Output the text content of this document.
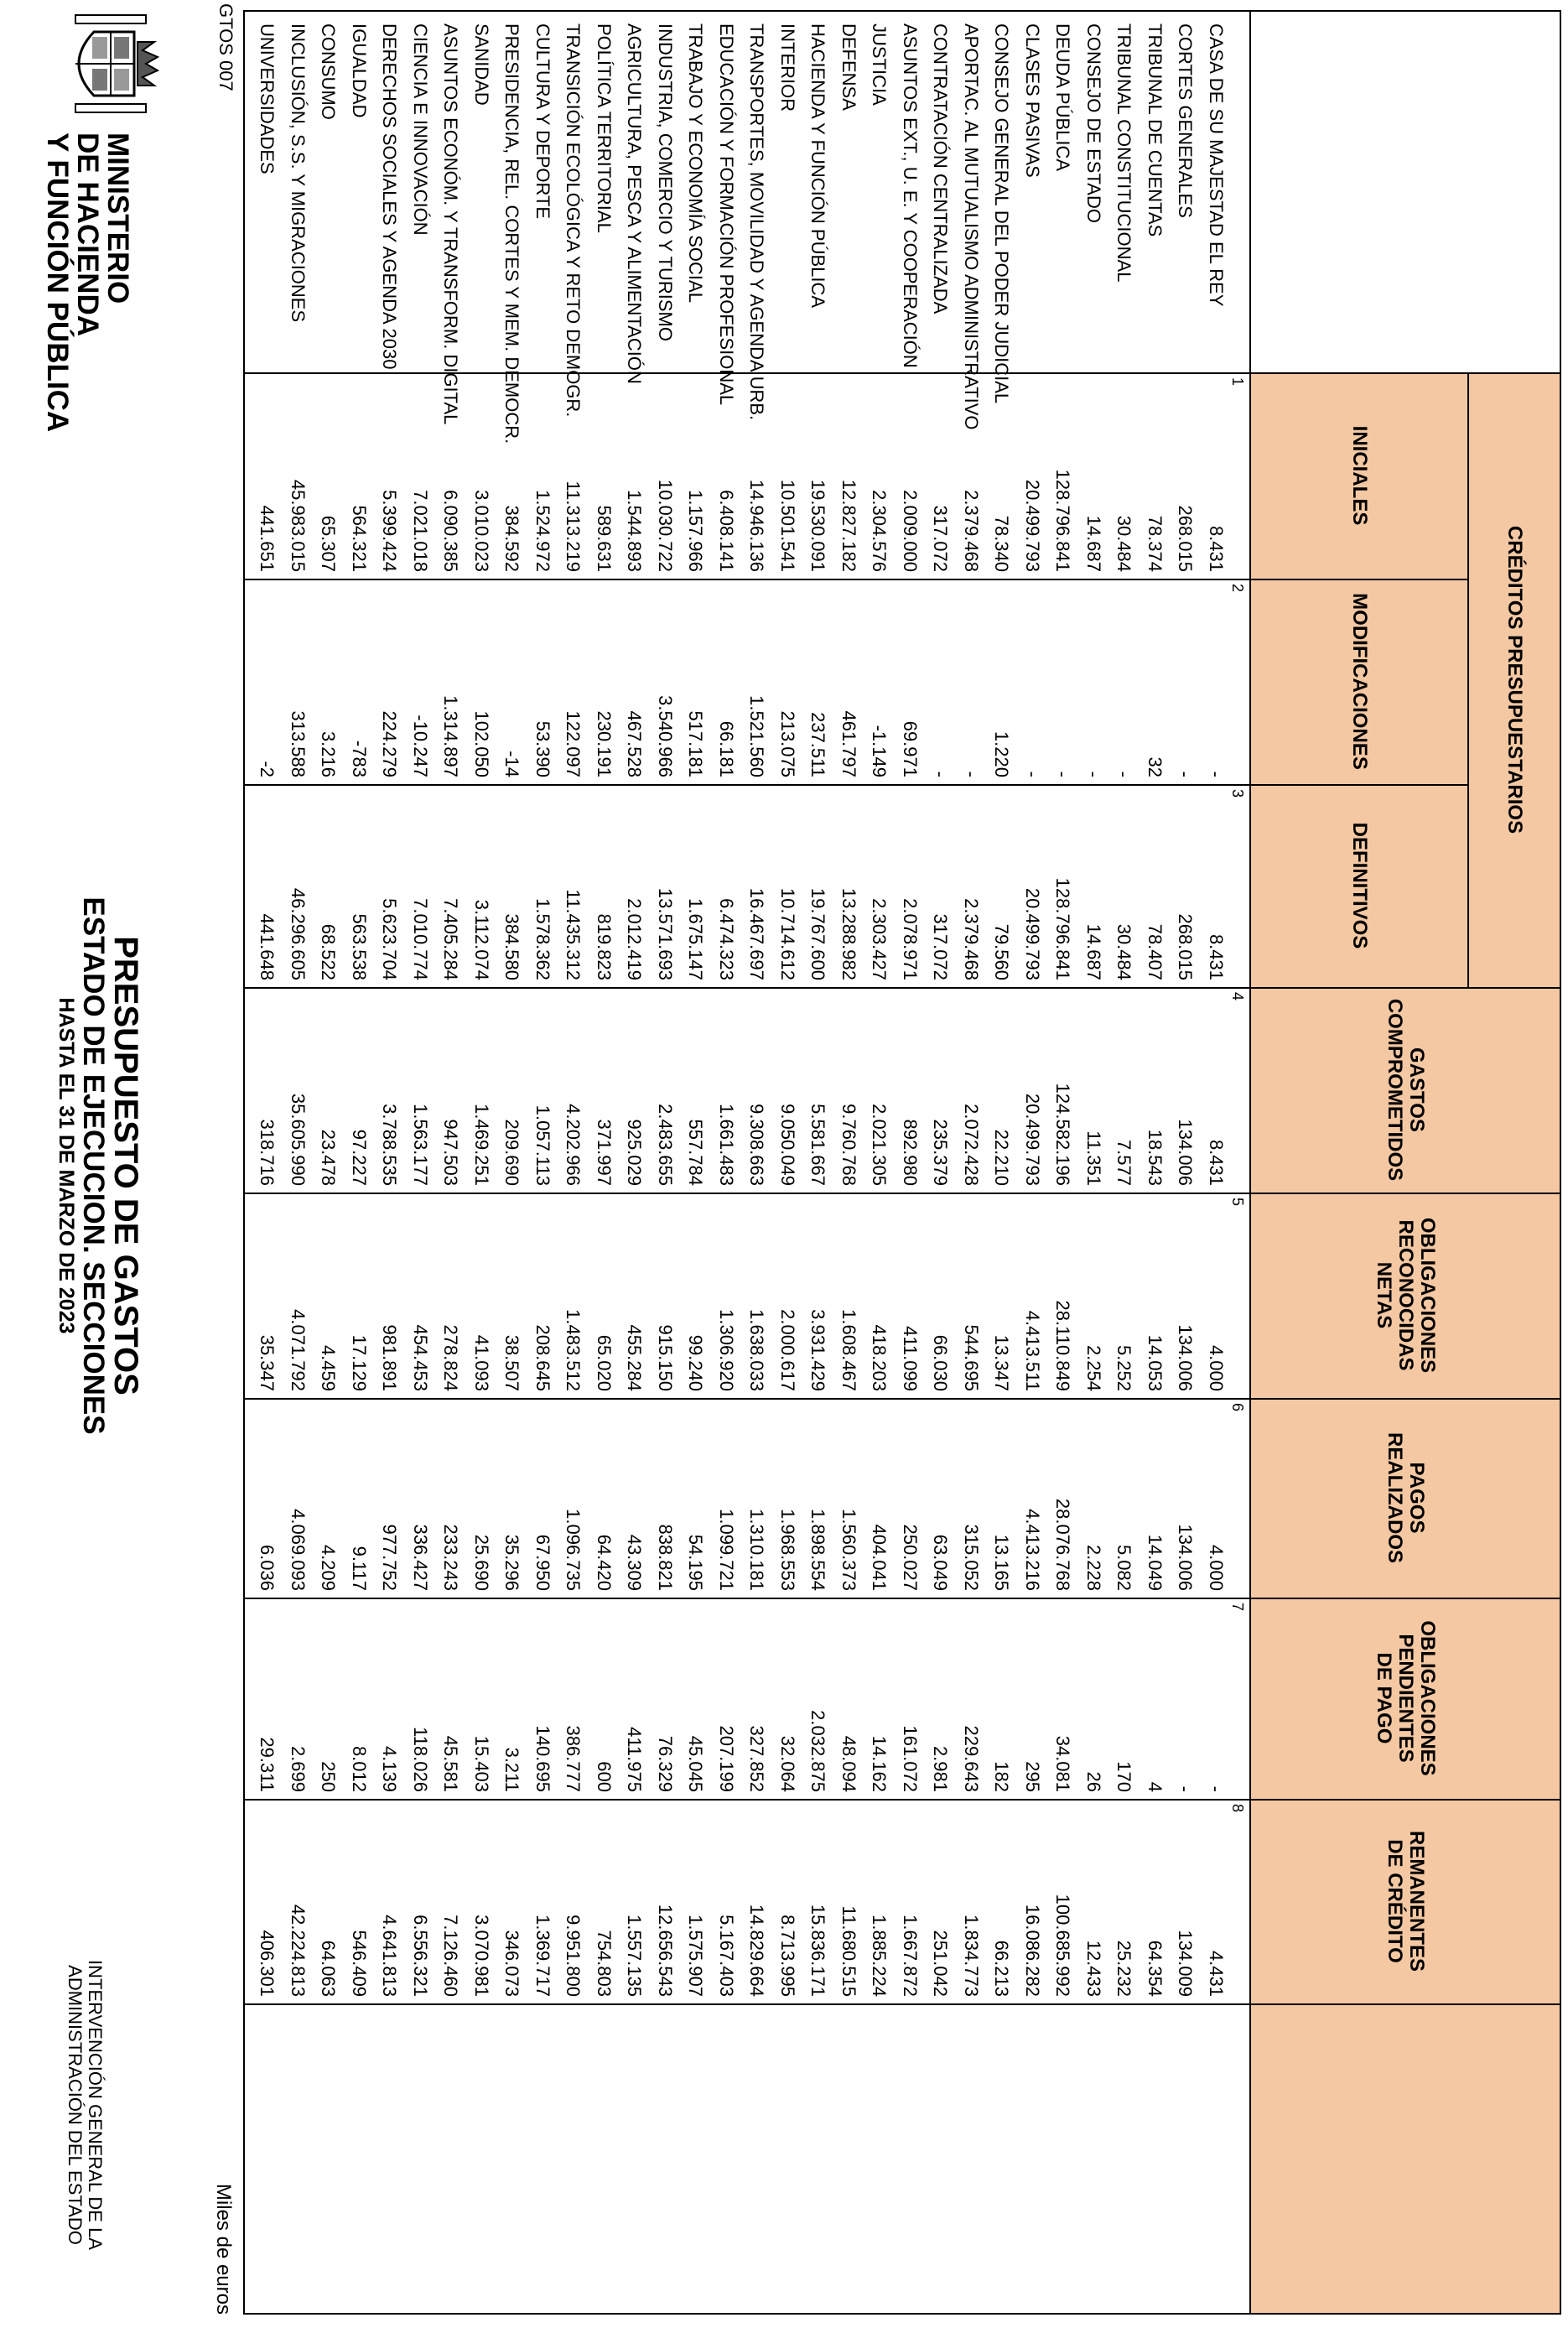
MINISTERIO
DE HACIENDA
Y FUNCIÓN PÚBLICA
PRESUPUESTO DE GASTOS
ESTADO DE EJECUCION. SECCIONES
HASTA EL 31 DE MARZO DE 2023
INTERVENCIÓN GENERAL DE LA
ADMINISTRACIÓN DEL ESTADO
Miles de euros
GTOS 007
CRÉDITOS PRESUPUESTARIOS
INICIALES
MODIFICACIONES
DEFINITIVOS
GASTOS
COMPROMETIDOS
OBLIGACIONES
RECONOCIDAS
NETAS
PAGOS
REALIZADOS
OBLIGACIONES
PENDIENTES
DE PAGO
REMANENTES
DE CRÉDITO
1
2
3
4
5
6
7
8
CASA DE SU MAJESTAD EL REY
8.431
-
8.431
8.431
4.000
4.000
-
4.431
CORTES GENERALES
268.015
-
268.015
134.006
134.006
134.006
-
134.009
TRIBUNAL DE CUENTAS
78.374
32
78.407
18.543
14.053
14.049
4
64.354
TRIBUNAL CONSTITUCIONAL
30.484
-
30.484
7.577
5.252
5.082
170
25.232
CONSEJO DE ESTADO
14.687
-
14.687
11.351
2.254
2.228
26
12.433
DEUDA PÚBLICA
128.796.841
-
128.796.841
124.582.196
28.110.849
28.076.768
34.081
100.685.992
CLASES PASIVAS
20.499.793
-
20.499.793
20.499.793
4.413.511
4.413.216
295
16.086.282
CONSEJO GENERAL DEL PODER JUDICIAL
78.340
1.220
79.560
22.210
13.347
13.165
182
66.213
APORTAC. AL MUTUALISMO ADMINISTRATIVO
2.379.468
-
2.379.468
2.072.428
544.695
315.052
229.643
1.834.773
CONTRATACIÓN CENTRALIZADA
317.072
-
317.072
235.379
66.030
63.049
2.981
251.042
ASUNTOS EXT., U. E. Y COOPERACIÓN
2.009.000
69.971
2.078.971
892.980
411.099
250.027
161.072
1.667.872
JUSTICIA
2.304.576
-1.149
2.303.427
2.021.305
418.203
404.041
14.162
1.885.224
DEFENSA
12.827.182
461.797
13.288.982
9.760.768
1.608.467
1.560.373
48.094
11.680.515
HACIENDA Y FUNCIÓN PÚBLICA
19.530.091
237.511
19.767.600
5.581.667
3.931.429
1.898.554
2.032.875
15.836.171
INTERIOR
10.501.541
213.075
10.714.612
9.050.049
2.000.617
1.968.553
32.064
8.713.995
TRANSPORTES, MOVILIDAD Y AGENDA URB.
14.946.136
1.521.560
16.467.697
9.308.663
1.638.033
1.310.181
327.852
14.829.664
EDUCACIÓN Y FORMACIÓN PROFESIONAL
6.408.141
66.181
6.474.323
1.661.483
1.306.920
1.099.721
207.199
5.167.403
TRABAJO Y ECONOMÍA SOCIAL
1.157.966
517.181
1.675.147
557.784
99.240
54.195
45.045
1.575.907
INDUSTRIA, COMERCIO Y TURISMO
10.030.722
3.540.966
13.571.693
2.483.655
915.150
838.821
76.329
12.656.543
AGRICULTURA, PESCA Y ALIMENTACIÓN
1.544.893
467.528
2.012.419
925.029
455.284
43.309
411.975
1.557.135
POLÍTICA TERRITORIAL
589.631
230.191
819.823
371.997
65.020
64.420
600
754.803
TRANSICIÓN ECOLÓGICA Y RETO DEMOGR.
11.313.219
122.097
11.435.312
4.202.966
1.483.512
1.096.735
386.777
9.951.800
CULTURA Y DEPORTE
1.524.972
53.390
1.578.362
1.057.113
208.645
67.950
140.695
1.369.717
PRESIDENCIA, REL. CORTES Y MEM. DEMOCR.
384.592
-14
384.580
209.690
38.507
35.296
3.211
346.073
SANIDAD
3.010.023
102.050
3.112.074
1.469.251
41.093
25.690
15.403
3.070.981
ASUNTOS ECONÓM. Y TRANSFORM. DIGITAL
6.090.385
1.314.897
7.405.284
947.503
278.824
233.243
45.581
7.126.460
CIENCIA E INNOVACIÓN
7.021.018
-10.247
7.010.774
1.563.177
454.453
336.427
118.026
6.556.321
DERECHOS SOCIALES Y AGENDA 2030
5.399.424
224.279
5.623.704
3.788.535
981.891
977.752
4.139
4.641.813
IGUALDAD
564.321
-783
563.538
97.227
17.129
9.117
8.012
546.409
CONSUMO
65.307
3.216
68.522
23.478
4.459
4.209
250
64.063
INCLUSIÓN, S.S. Y MIGRACIONES
45.983.015
313.588
46.296.605
35.605.990
4.071.792
4.069.093
2.699
42.224.813
UNIVERSIDADES
441.651
-2
441.648
318.716
35.347
6.036
29.311
406.301
